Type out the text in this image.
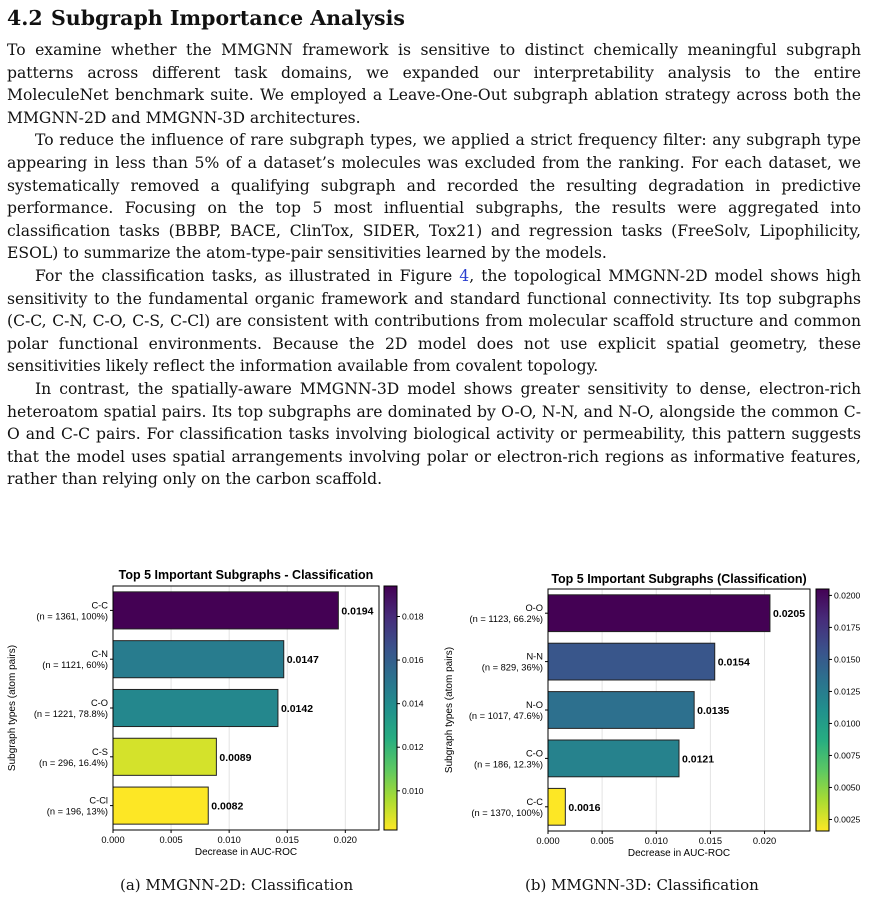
4.2 Subgraph Importance Analysis

To examine whether the MMGNN framework is sensitive to distinct chemically meaningful subgraph patterns across different task domains, we expanded our interpretability analysis to the entire MoleculeNet benchmark suite. We employed a Leave-One-Out subgraph ablation strategy across both the MMGNN-2D and MMGNN-3D architectures.

To reduce the influence of rare subgraph types, we applied a strict frequency filter: any subgraph type appearing in less than 5% of a dataset’s molecules was excluded from the ranking. For each dataset, we systematically removed a qualifying subgraph and recorded the resulting degradation in predictive performance. Focusing on the top 5 most influential subgraphs, the results were aggregated into classification tasks (BBBP, BACE, ClinTox, SIDER, Tox21) and regression tasks (FreeSolv, Lipophilicity, ESOL) to summarize the atom-type-pair sensitivities learned by the models.

For the classification tasks, as illustrated in Figure 4, the topological MMGNN-2D model shows high sensitivity to the fundamental organic framework and standard functional connectivity. Its top subgraphs (C-C, C-N, C-O, C-S, C-Cl) are consistent with contributions from molecular scaffold structure and common polar functional environments. Because the 2D model does not use explicit spatial geometry, these sensitivities likely reflect the information available from covalent topology.

In contrast, the spatially-aware MMGNN-3D model shows greater sensitivity to dense, electron-rich heteroatom spatial pairs. Its top subgraphs are dominated by O-O, N-N, and N-O, alongside the common C-O and C-C pairs. For classification tasks involving biological activity or permeability, this pattern suggests that the model uses spatial arrangements involving polar or electron-rich regions as informative features, rather than relying only on the carbon scaffold.

Top 5 Important Subgraphs - Classification
0.0194
C-C
(n = 1361, 100%)
0.0147
C-N
(n = 1121, 60%)
0.0142
C-O
(n = 1221, 78.8%)
0.0089
C-S
(n = 296, 16.4%)
0.0082
C-Cl
(n = 196, 13%)
0.000	0.005	0.010	0.015	0.020
Decrease in AUC-ROC
Subgraph types (atom pairs)
0.010
0.012
0.014
0.016
0.018
Top 5 Important Subgraphs (Classification)
0.0205
O-O
(n = 1123, 66.2%)
0.0154
N-N
(n = 829, 36%)
0.0135
N-O
(n = 1017, 47.6%)
0.0121
C-O
(n = 186, 12.3%)
0.0016
C-C
(n = 1370, 100%)
0.000	0.005	0.010	0.015	0.020
Decrease in AUC-ROC
Subgraph types (atom pairs)
0.0025
0.0050
0.0075
0.0100
0.0125
0.0150
0.0175
0.0200
(a) MMGNN-2D: Classification	(b) MMGNN-3D: Classification
